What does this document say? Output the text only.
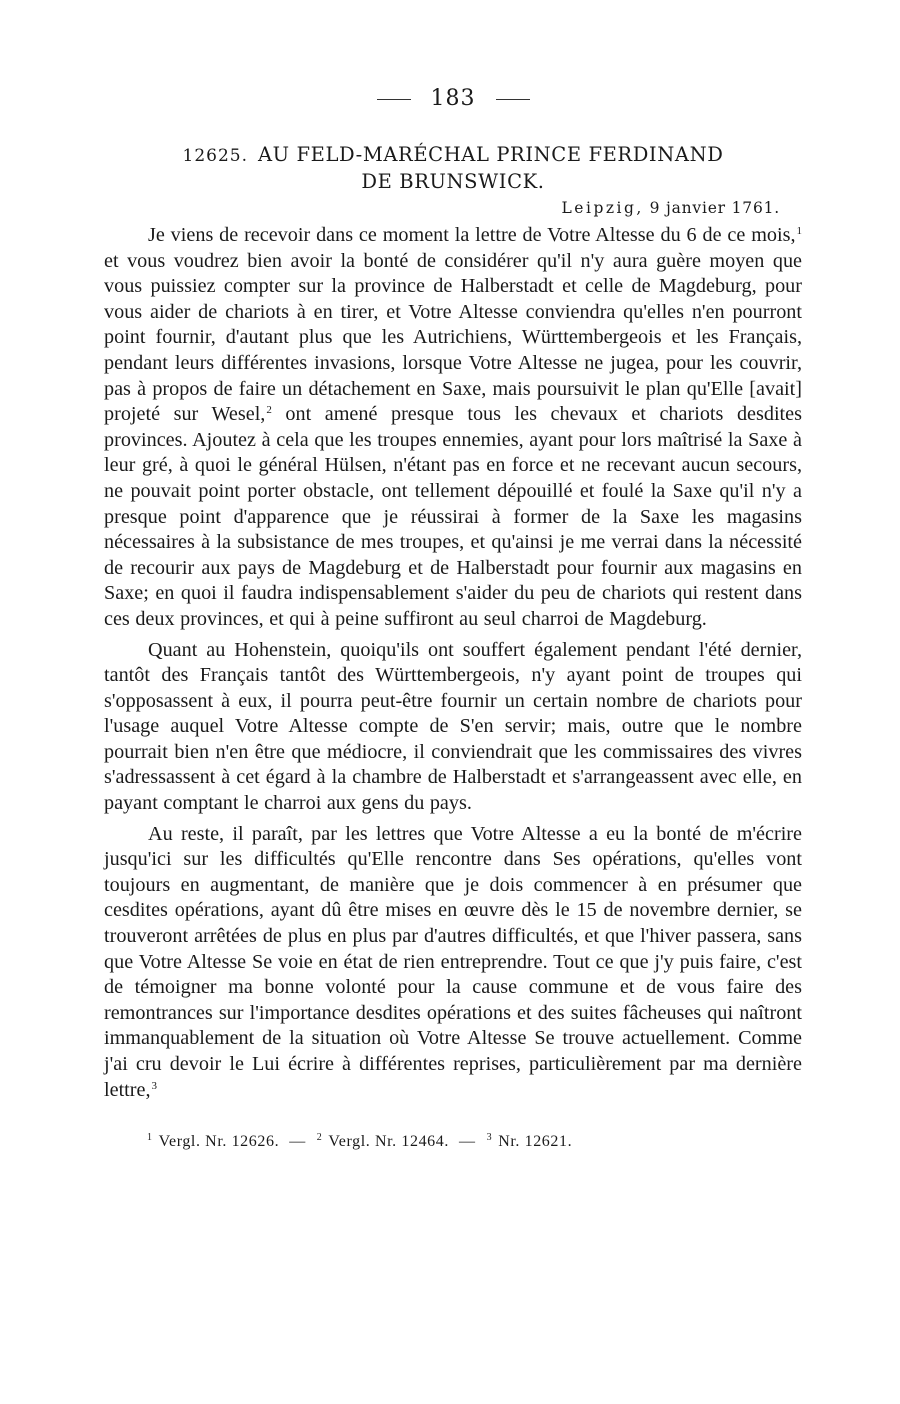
183
12625. AU FELD-MARÉCHAL PRINCE FERDINAND
DE BRUNSWICK.
Leipzig, 9 janvier 1761.

Je viens de recevoir dans ce moment la lettre de Votre Altesse du 6 de ce mois,$^1$ et vous voudrez bien avoir la bonté de considérer qu'il n'y aura guère moyen que vous puissiez compter sur la province de Halberstadt et celle de Magdeburg, pour vous aider de chariots à en tirer, et Votre Altesse conviendra qu'elles n'en pourront point fournir, d'autant plus que les Autrichiens, Württembergeois et les Français, pendant leurs différentes invasions, lorsque Votre Altesse ne jugea, pour les couvrir, pas à propos de faire un détachement en Saxe, mais poursuivit le plan qu'Elle [avait] projeté sur Wesel,$^2$ ont amené presque tous les chevaux et chariots desdites provinces. Ajoutez à cela que les troupes ennemies, ayant pour lors maîtrisé la Saxe à leur gré, à quoi le général Hülsen, n'étant pas en force et ne recevant aucun secours, ne pouvait point porter obstacle, ont tellement dépouillé et foulé la Saxe qu'il n'y a presque point d'apparence que je réussirai à former de la Saxe les magasins nécessaires à la subsistance de mes troupes, et qu'ainsi je me verrai dans la nécessité de recourir aux pays de Magdeburg et de Halberstadt pour fournir aux magasins en Saxe; en quoi il faudra indispensablement s'aider du peu de chariots qui restent dans ces deux provinces, et qui à peine suffiront au seul charroi de Magdeburg.

Quant au Hohenstein, quoiqu'ils ont souffert également pendant l'été dernier, tantôt des Français tantôt des Württembergeois, n'y ayant point de troupes qui s'opposassent à eux, il pourra peut-être fournir un certain nombre de chariots pour l'usage auquel Votre Altesse compte de S'en servir; mais, outre que le nombre pourrait bien n'en être que médiocre, il conviendrait que les commissaires des vivres s'adressassent à cet égard à la chambre de Halberstadt et s'arrangeassent avec elle, en payant comptant le charroi aux gens du pays.

Au reste, il paraît, par les lettres que Votre Altesse a eu la bonté de m'écrire jusqu'ici sur les difficultés qu'Elle rencontre dans Ses opérations, qu'elles vont toujours en augmentant, de manière que je dois commencer à en présumer que cesdites opérations, ayant dû être mises en œuvre dès le 15 de novembre dernier, se trouveront arrêtées de plus en plus par d'autres difficultés, et que l'hiver passera, sans que Votre Altesse Se voie en état de rien entreprendre. Tout ce que j'y puis faire, c'est de témoigner ma bonne volonté pour la cause commune et de vous faire des remontrances sur l'importance desdites opérations et des suites fâcheuses qui naîtront immanquablement de la situation où Votre Altesse Se trouve actuellement. Comme j'ai cru devoir le Lui écrire à différentes reprises, particulièrement par ma dernière lettre,$^3$

$^1$ Vergl. Nr. 12626. — $^2$ Vergl. Nr. 12464. — $^3$ Nr. 12621.
